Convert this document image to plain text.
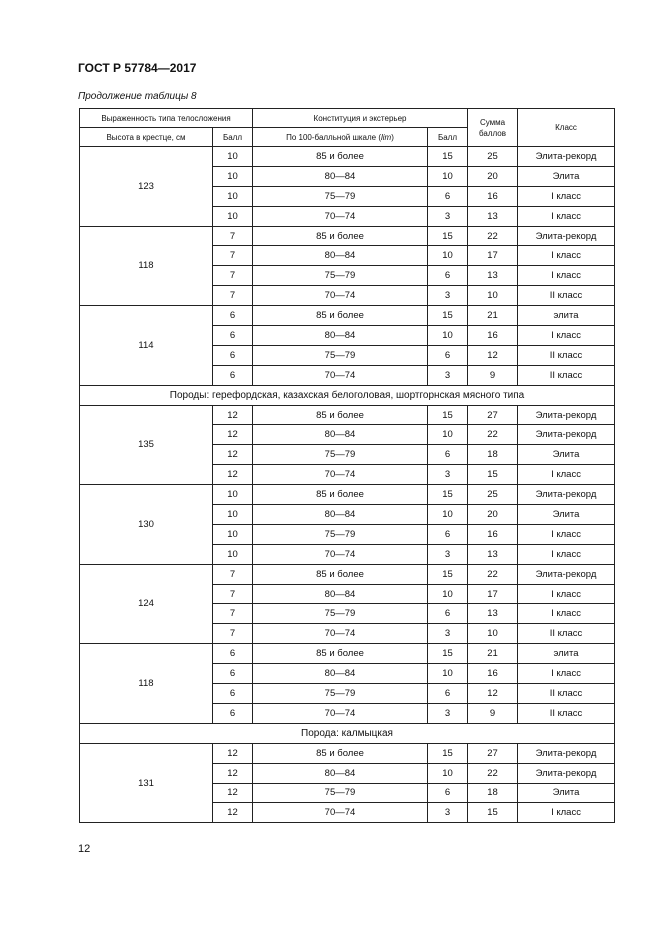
ГОСТ Р 57784—2017
Продолжение таблицы 8
Выраженность типа телосложения		Конституция и экстерьер		Сумма баллов	Класс
Высота в крестце, см	Балл	По 100-балльной шкале (lim)	Балл		
123	10	85 и более	15	25	Элита-рекорд
	10	80—84	10	20	Элита
	10	75—79	6	16	I класс
	10	70—74	3	13	I класс
118	7	85 и более	15	22	Элита-рекорд
	7	80—84	10	17	I класс
	7	75—79	6	13	I класс
	7	70—74	3	10	II класс
114	6	85 и более	15	21	элита
	6	80—84	10	16	I класс
	6	75—79	6	12	II класс
	6	70—74	3	9	II класс
Породы: герефордская, казахская белоголовая, шортгорнская мясного типа					
135	12	85 и более	15	27	Элита-рекорд
	12	80—84	10	22	Элита-рекорд
	12	75—79	6	18	Элита
	12	70—74	3	15	I класс
130	10	85 и более	15	25	Элита-рекорд
	10	80—84	10	20	Элита
	10	75—79	6	16	I класс
	10	70—74	3	13	I класс
124	7	85 и более	15	22	Элита-рекорд
	7	80—84	10	17	I класс
	7	75—79	6	13	I класс
	7	70—74	3	10	II класс
118	6	85 и более	15	21	элита
	6	80—84	10	16	I класс
	6	75—79	6	12	II класс
	6	70—74	3	9	II класс
Порода: калмыцкая					
131	12	85 и более	15	27	Элита-рекорд
	12	80—84	10	22	Элита-рекорд
	12	75—79	6	18	Элита
	12	70—74	3	15	I класс
12
